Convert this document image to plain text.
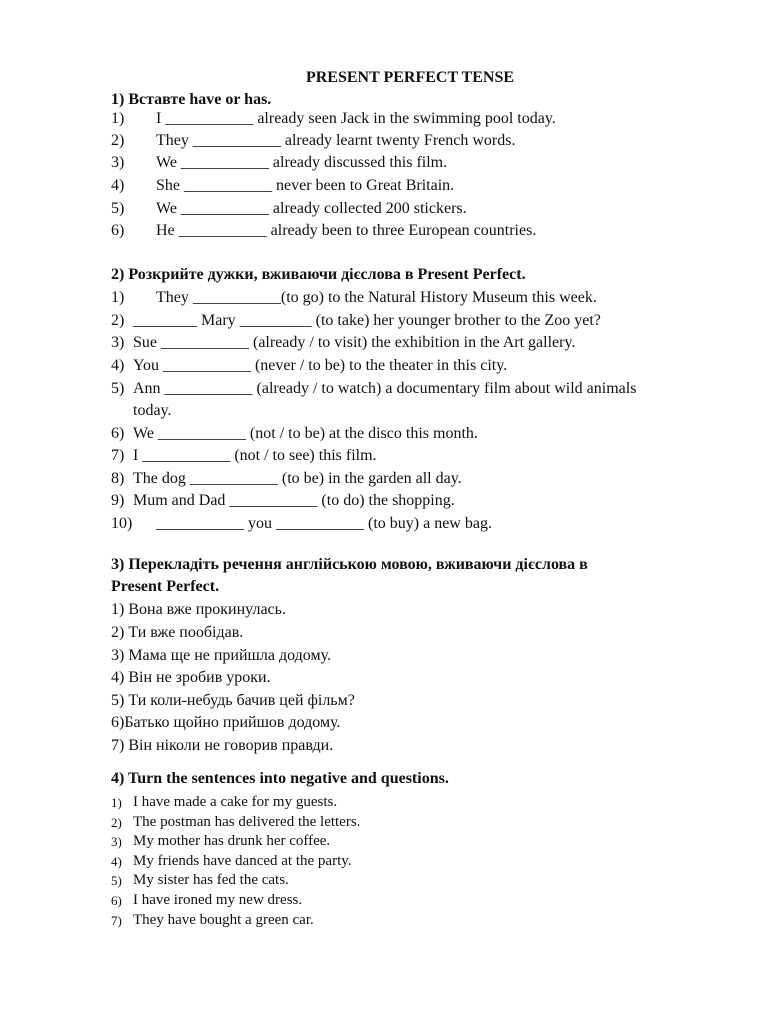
PRESENT PERFECT TENSE
1) Вставте have or has.
1) I ___________ already seen Jack in the swimming pool today.
2) They ___________ already learnt twenty French words.
3) We ___________ already discussed this film.
4) She ___________ never been to Great Britain.
5) We ___________ already collected 200 stickers.
6) He ___________ already been to three European countries.
2) Розкрийте дужки, вживаючи дієслова в Present Perfect.
1) They ___________(to go) to the Natural History Museum this week.
2) ________ Mary _________ (to take) her younger brother to the Zoo yet?
3) Sue ___________ (already / to visit) the exhibition in the Art gallery.
4) You ___________ (never / to be) to the theater in this city.
5) Ann ___________ (already / to watch) a documentary film about wild animals
today.
6) We ___________ (not / to be) at the disco this month.
7) I ___________ (not / to see) this film.
8) The dog ___________ (to be) in the garden all day.
9) Mum and Dad ___________ (to do) the shopping.
10) ___________ you ___________ (to buy) a new bag.
3) Перекладіть речення англійською мовою, вживаючи дієслова в
Present Perfect.
1) Вона вже прокинулась.
2) Ти вже пообідав.
3) Мама ще не прийшла додому.
4) Він не зробив уроки.
5) Ти коли-небудь бачив цей фільм?
6)Батько щойно прийшов додому.
7) Він ніколи не говорив правди.
4) Turn the sentences into negative and questions.
1) I have made a cake for my guests.
2) The postman has delivered the letters.
3) My mother has drunk her coffee.
4) My friends have danced at the party.
5) My sister has fed the cats.
6) I have ironed my new dress.
7) They have bought a green car.
